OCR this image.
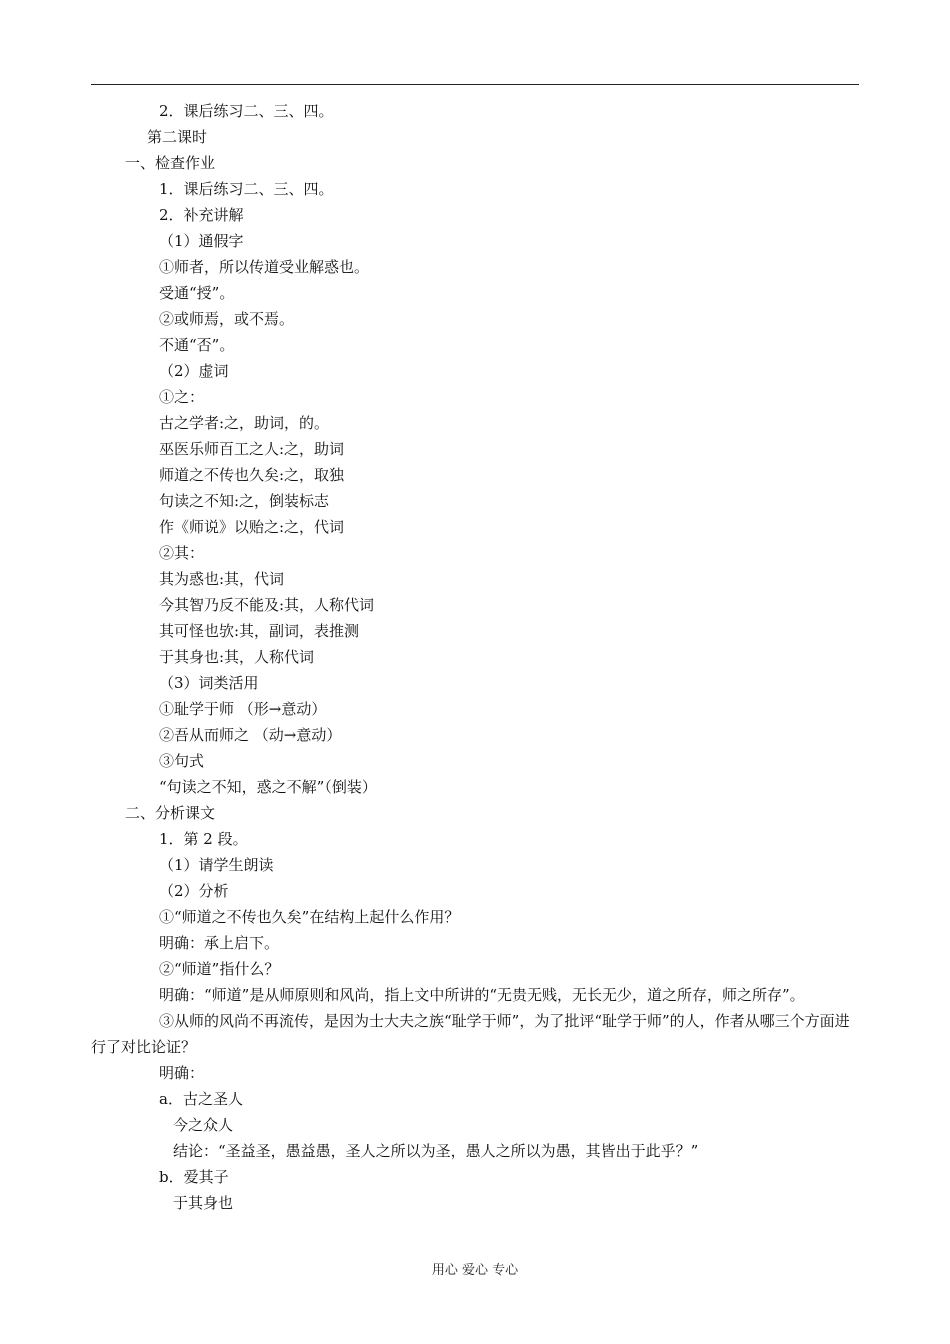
2．课后练习二、三、四。
第二课时
一、检查作业
1．课后练习二、三、四。
2．补充讲解
（1）通假字
①师者，所以传道受业解惑也。
受通“授”。
②或师焉，或不焉。
不通“否”。
（2）虚词
①之：
古之学者:之，助词，的。
巫医乐师百工之人:之，助词
师道之不传也久矣:之，取独
句读之不知:之，倒装标志
作《师说》以贻之:之，代词
②其：
其为惑也:其，代词
今其智乃反不能及:其，人称代词
其可怪也欤:其，副词，表推测
于其身也:其，人称代词
（3）词类活用
①耻学于师 （形→意动）
②吾从而师之 （动→意动）
③句式
“句读之不知，惑之不解”（倒装）
二、分析课文
1．第 2 段。
（1）请学生朗读
（2）分析
①“师道之不传也久矣”在结构上起什么作用？
明确：承上启下。
②“师道”指什么？
明确：“师道”是从师原则和风尚，指上文中所讲的“无贵无贱，无长无少，道之所存，师之所存”。
③从师的风尚不再流传，是因为士大夫之族“耻学于师”，为了批评“耻学于师”的人，作者从哪三个方面进行了对比论证？
明确：
a．古之圣人
今之众人
结论：“圣益圣，愚益愚，圣人之所以为圣，愚人之所以为愚，其皆出于此乎？”
b．爱其子
于其身也
用心 爱心 专心
